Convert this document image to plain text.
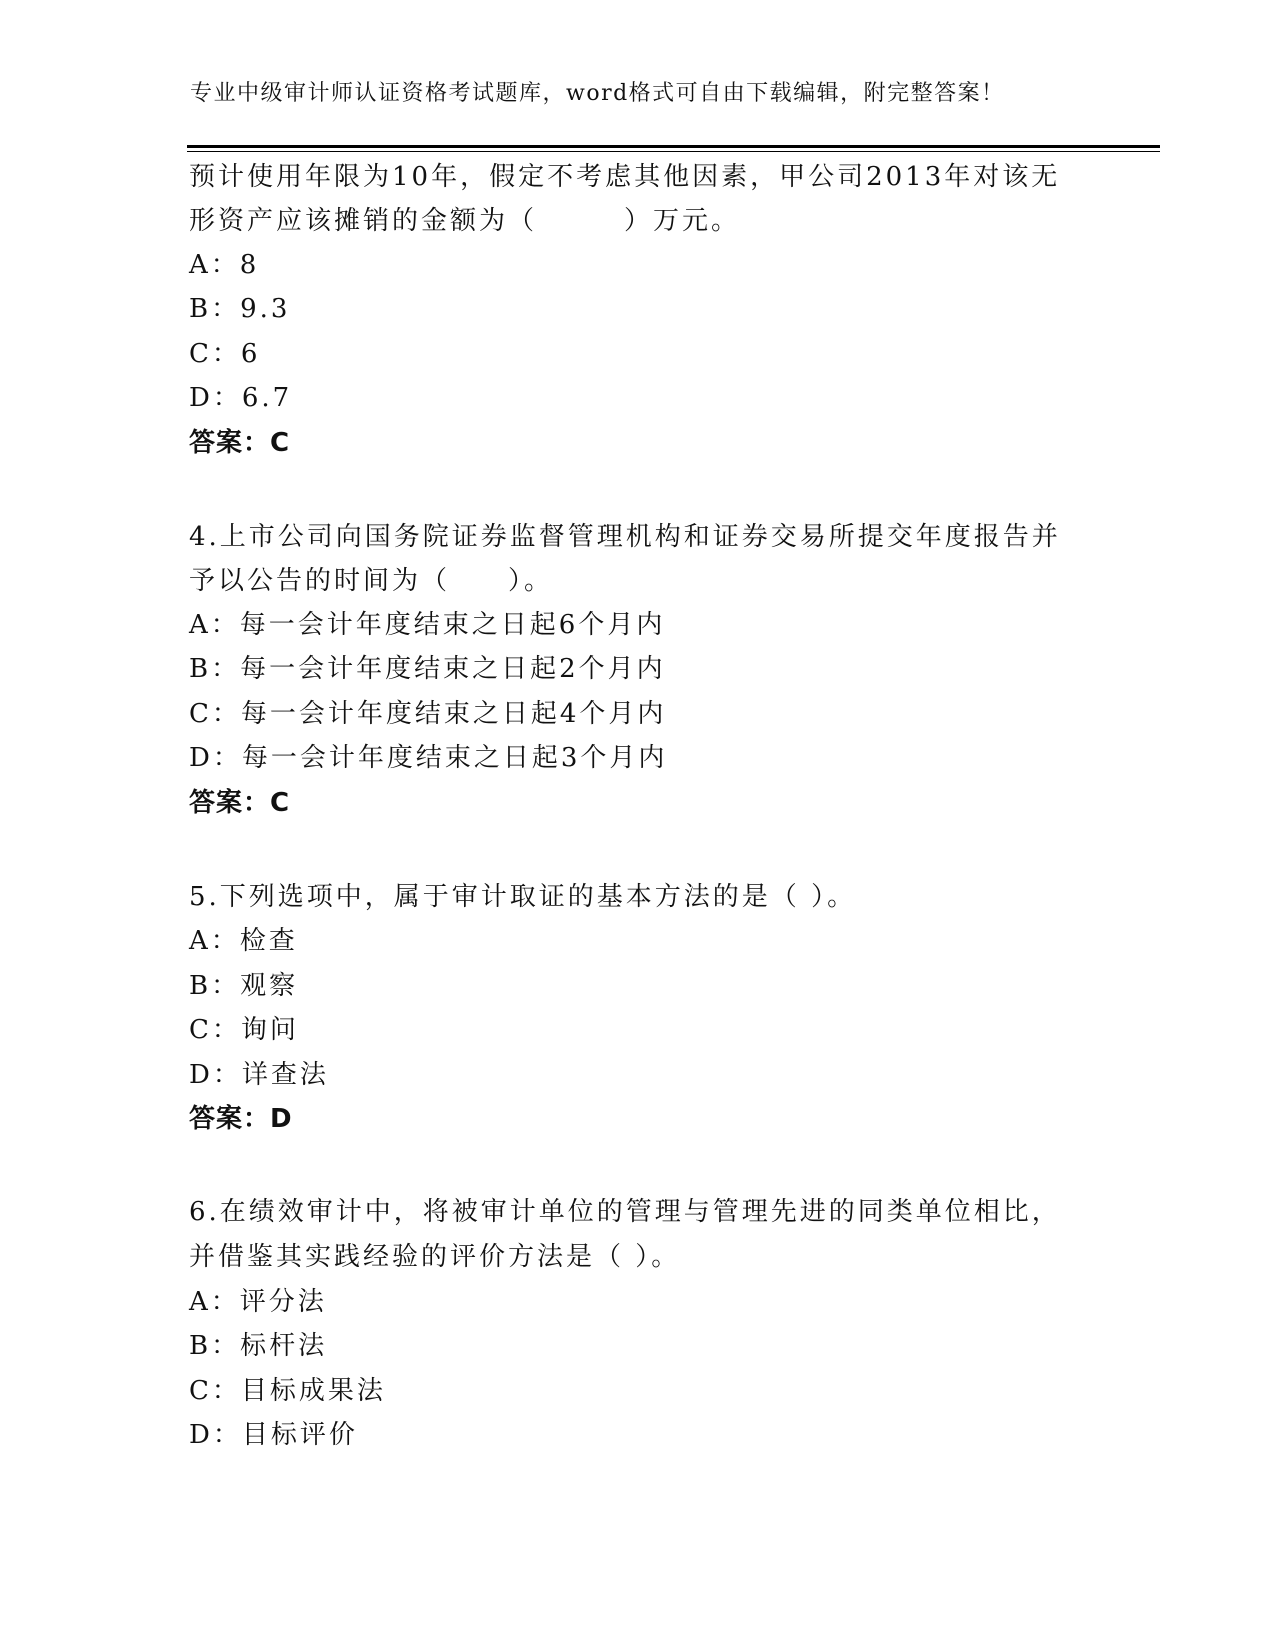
专业中级审计师认证资格考试题库，word格式可自由下载编辑，附完整答案！
预计使用年限为10年，假定不考虑其他因素，甲公司2013年对该无
形资产应该摊销的金额为（　　　）万元。
A：8
B：9.3
C：6
D：6.7
答案：C
4.上市公司向国务院证券监督管理机构和证券交易所提交年度报告并
予以公告的时间为（　　）。
A：每一会计年度结束之日起6个月内
B：每一会计年度结束之日起2个月内
C：每一会计年度结束之日起4个月内
D：每一会计年度结束之日起3个月内
答案：C
5.下列选项中，属于审计取证的基本方法的是（ ）。
A：检查
B：观察
C：询问
D：详查法
答案：D
6.在绩效审计中，将被审计单位的管理与管理先进的同类单位相比，
并借鉴其实践经验的评价方法是（ ）。
A：评分法
B：标杆法
C：目标成果法
D：目标评价
